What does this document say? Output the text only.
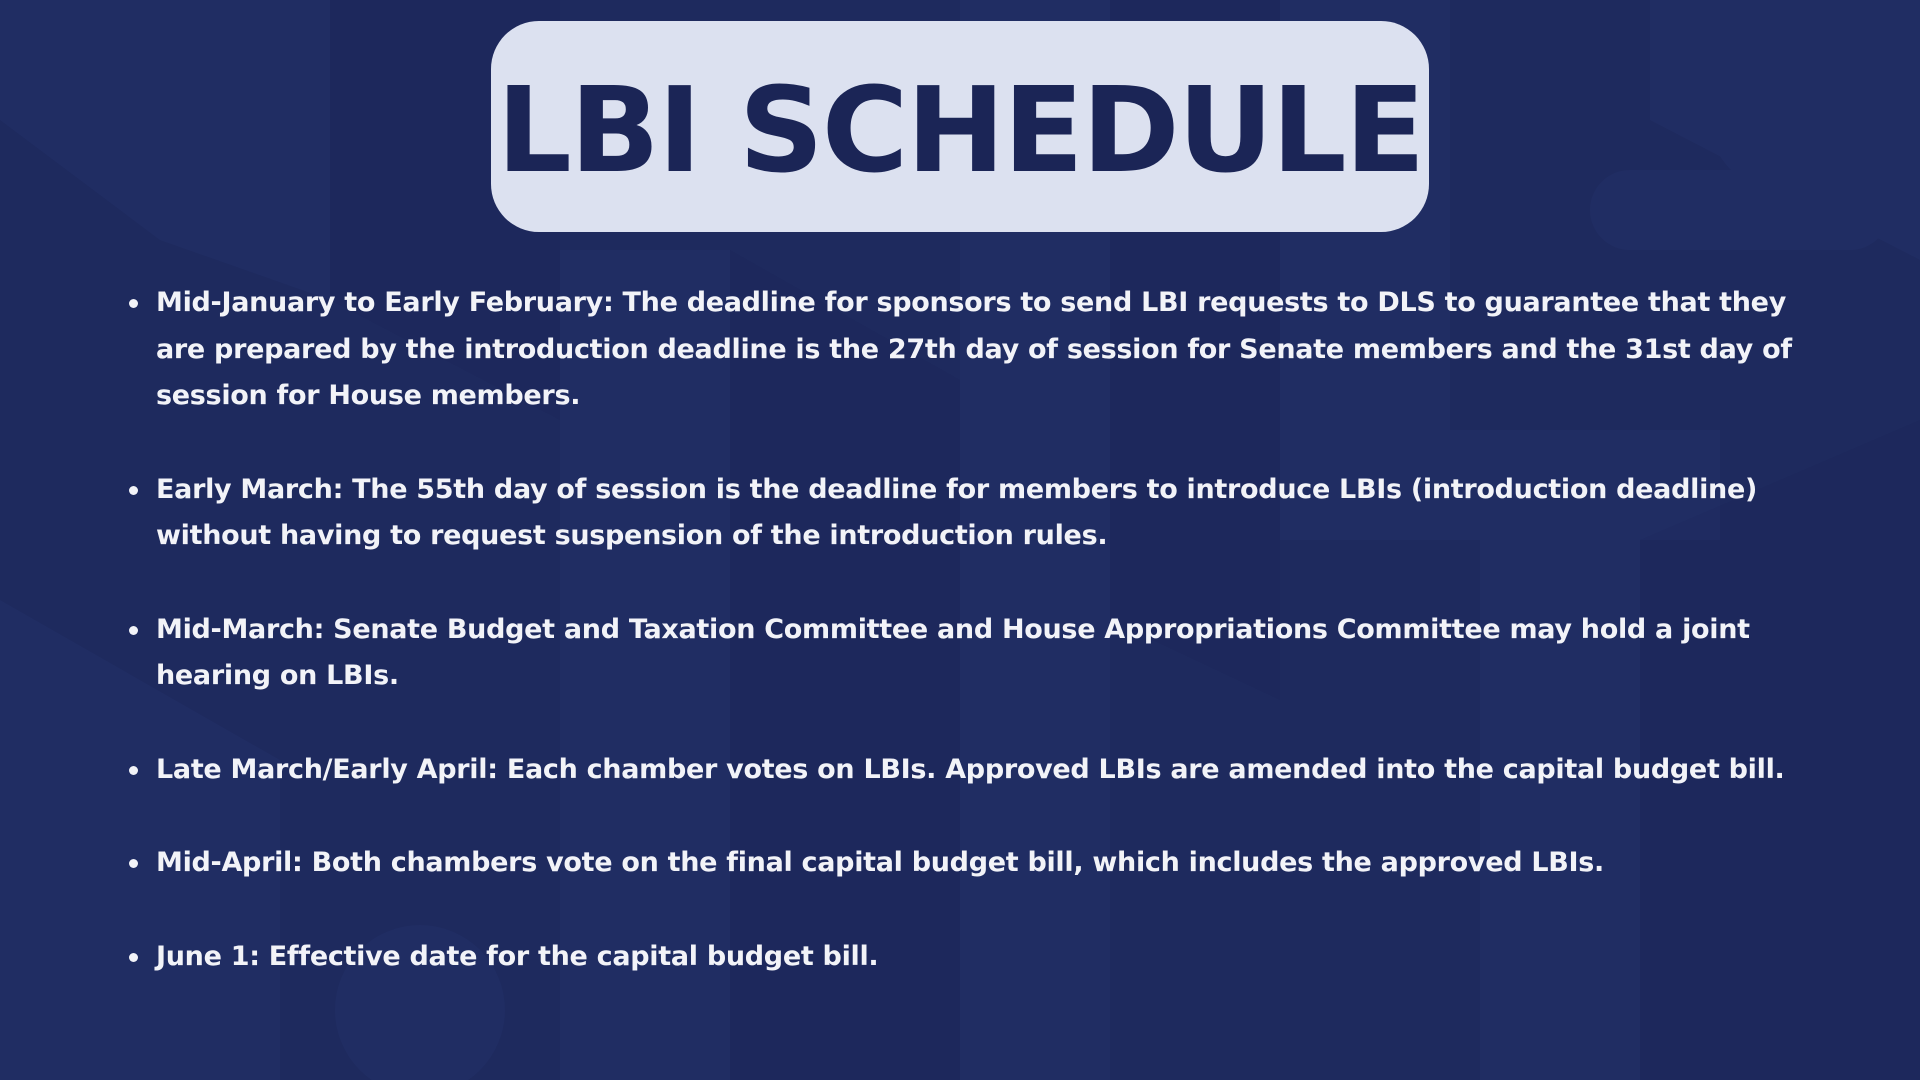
LBI SCHEDULE
Mid-January to Early February: The deadline for sponsors to send LBI requests to DLS to guarantee that they are prepared by the introduction deadline is the 27th day of session for Senate members and the 31st day of session for House members.
Early March: The 55th day of session is the deadline for members to introduce LBIs (introduction deadline) without having to request suspension of the introduction rules.
Mid-March: Senate Budget and Taxation Committee and House Appropriations Committee may hold a joint hearing on LBIs.
Late March/Early April: Each chamber votes on LBIs. Approved LBIs are amended into the capital budget bill.
Mid-April: Both chambers vote on the final capital budget bill, which includes the approved LBIs.
June 1: Effective date for the capital budget bill.
